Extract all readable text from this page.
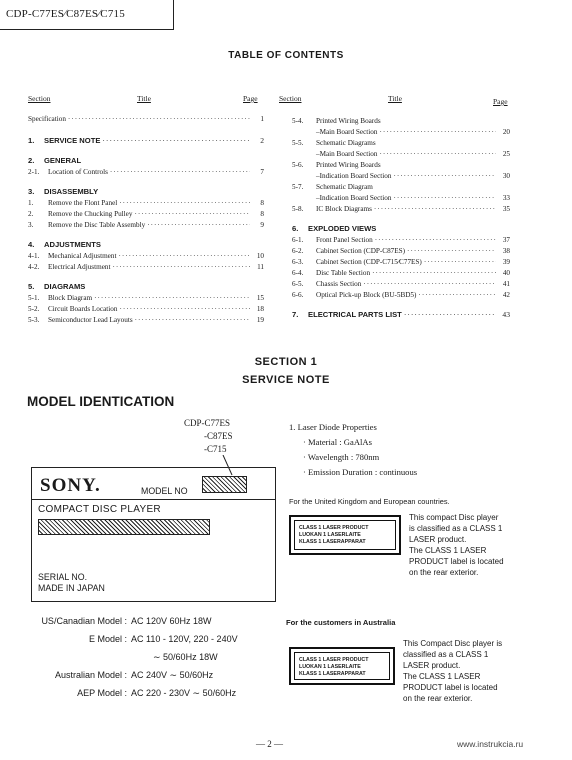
CDP-C77ES∕C87ES∕C715
TABLE OF CONTENTS
Section	Title	Page	Section	Title	Page
Specification ·····	1
1.	SERVICE NOTE ·····	2
2.	GENERAL
2-1.	Location of Controls ·····	7
3.	DISASSEMBLY
1.	Remove the Flont Panel ·····	8
2.	Remove the Chucking Pulley ·····	8
3.	Remove the Disc Table Assembly ·····	9
4.	ADJUSTMENTS
4-1.	Mechanical Adjustment ·····	10
4-2.	Electrical Adjustment ·····	11
5.	DIAGRAMS
5-1.	Block Diagram ·····	15
5-2.	Circuit Boards Location ·····	18
5-3.	Semiconductor Lead Layouts ·····	19
5-4. Printed Wiring Boards
–Main Board Section ·····	20
5-5. Schematic Diagrams
–Main Board Section ·····	25
5-6. Printed Wiring Boards
–Indication Board Section ·····	30
5-7. Schematic Diagram
–Indication Board Section ·····	33
5-8.	IC Block Diagrams ·····	35
6.	EXPLODED VIEWS
6-1.	Front Panel Section ·····	37
6-2.	Cabinet Section (CDP-C87ES) ·····	38
6-3.	Cabinet Section (CDP-C715∕C77ES) ·····	39
6-4.	Disc Table Section ·····	40
6-5.	Chassis Section ·····	41
6-6.	Optical Pick-up Block (BU-5BD5) ·····	42
7.	ELECTRICAL PARTS LIST ·····	43
SECTION 1
SERVICE NOTE
MODEL IDENTICATION
CDP-C77ES
-C87ES
-C715
SONY.	MODEL NO
COMPACT DISC PLAYER
SERIAL NO.
MADE IN JAPAN
US/Canadian Model : AC 120V 60Hz 18W
E Model : AC 110 - 120V, 220 - 240V
∼ 50/60Hz 18W
Australian Model : AC 240V ∼ 50/60Hz
AEP Model : AC 220 - 230V ∼ 50/60Hz
1. Laser Diode Properties
· Material : GaAlAs
· Wavelength : 780nm
· Emission Duration : continuous
For the United Kingdom and European countries.
CLASS 1 LASER PRODUCT
LUOKAN 1 LASERLAITE
KLASS 1 LASERAPPARAT
This compact Disc player
is classified as a CLASS 1
LASER product.
The CLASS 1 LASER
PRODUCT label is located
on the rear exterior.
For the customers in Australia
CLASS 1 LASER PRODUCT
LUOKAN 1 LASERLAITE
KLASS 1 LASERAPPARAT
This Compact Disc player is
classified as a CLASS 1
LASER product.
The CLASS 1 LASER
PRODUCT label is located
on the rear exterior.
— 2 —	www.instrukcia.ru
